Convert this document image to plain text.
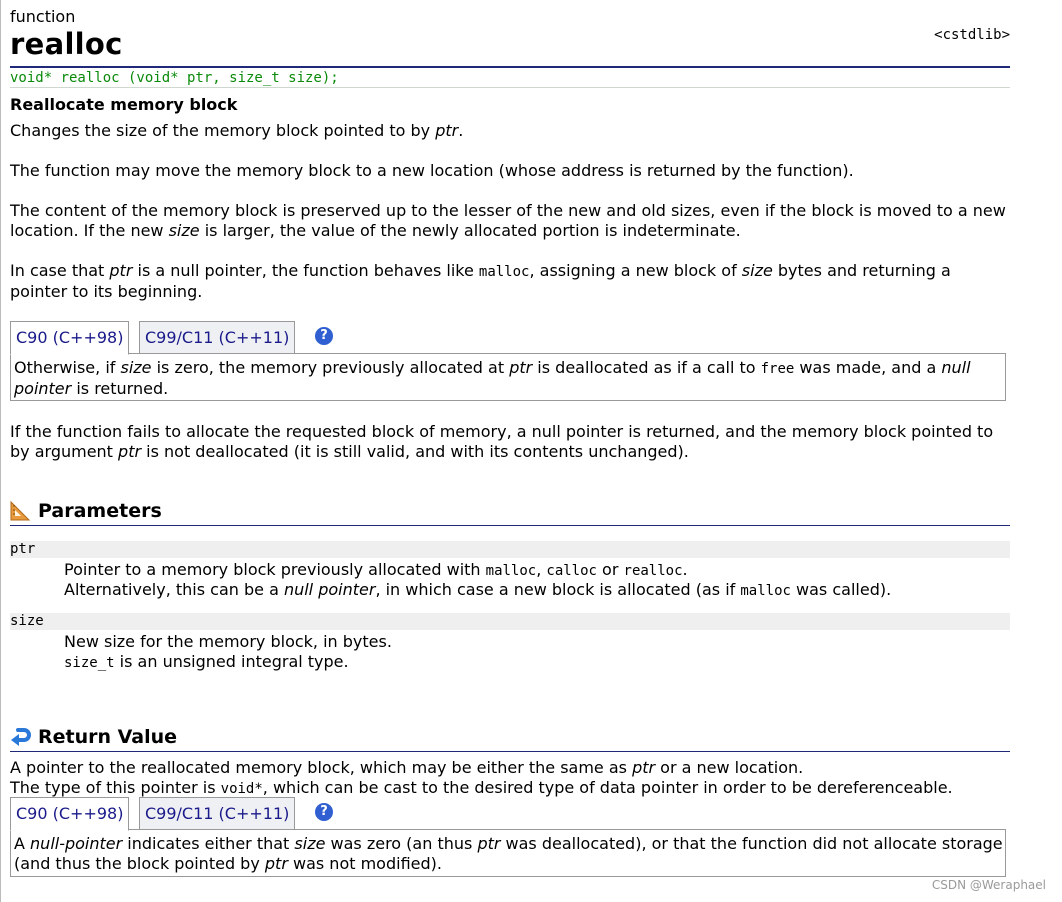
function
realloc	<cstdlib>
void* realloc (void* ptr, size_t size);
Reallocate memory block
Changes the size of the memory block pointed to by ptr.
The function may move the memory block to a new location (whose address is returned by the function).
The content of the memory block is preserved up to the lesser of the new and old sizes, even if the block is moved to a new location. If the new size is larger, the value of the newly allocated portion is indeterminate.
In case that ptr is a null pointer, the function behaves like malloc, assigning a new block of size bytes and returning a pointer to its beginning.
C90 (C++98)	C99/C11 (C++11)	?
Otherwise, if size is zero, the memory previously allocated at ptr is deallocated as if a call to free was made, and a null pointer is returned.
If the function fails to allocate the requested block of memory, a null pointer is returned, and the memory block pointed to by argument ptr is not deallocated (it is still valid, and with its contents unchanged).
Parameters
ptr
Pointer to a memory block previously allocated with malloc, calloc or realloc.
Alternatively, this can be a null pointer, in which case a new block is allocated (as if malloc was called).
size
New size for the memory block, in bytes.
size_t is an unsigned integral type.
Return Value
A pointer to the reallocated memory block, which may be either the same as ptr or a new location.
The type of this pointer is void*, which can be cast to the desired type of data pointer in order to be dereferenceable.
C90 (C++98)	C99/C11 (C++11)	?
A null-pointer indicates either that size was zero (an thus ptr was deallocated), or that the function did not allocate storage (and thus the block pointed by ptr was not modified).
CSDN @Weraphael
